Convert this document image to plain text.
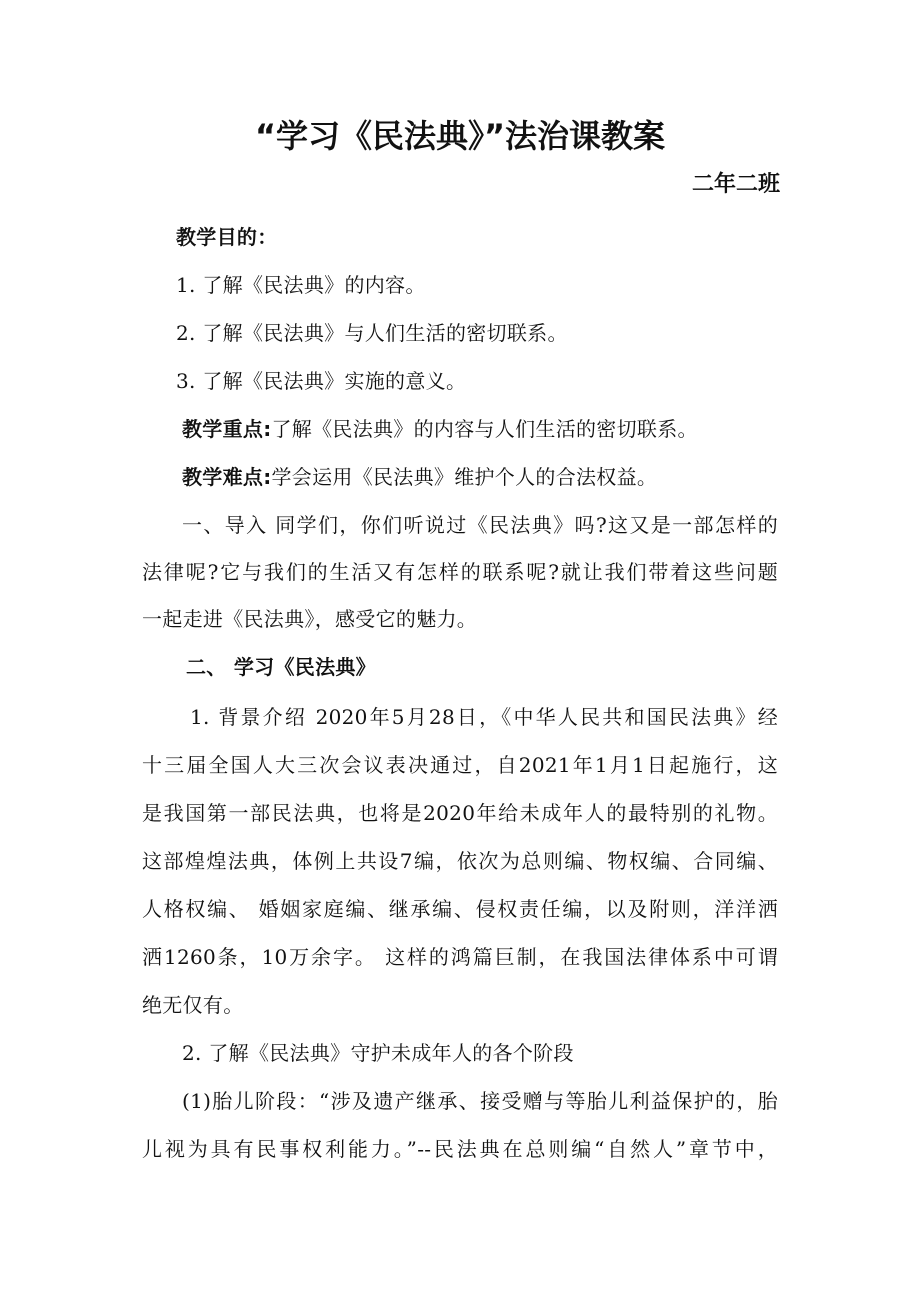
“学习《民法典》”法治课教案
二年二班
教学目的：
1. 了解《民法典》的内容。
2. 了解《民法典》与人们生活的密切联系。
3. 了解《民法典》实施的意义。
教学重点:了解《民法典》的内容与人们生活的密切联系。
教学难点:学会运用《民法典》维护个人的合法权益。
一、导入 同学们，你们听说过《民法典》吗?这又是一部怎样的
法律呢?它与我们的生活又有怎样的联系呢?就让我们带着这些问题
一起走进《民法典》，感受它的魅力。
二、 学习《民法典》
1. 背景介绍 2020年5月28日，《中华人民共和国民法典》经
十三届全国人大三次会议表决通过，自2021年1月1日起施行，这
是我国第一部民法典，也将是2020年给未成年人的最特别的礼物。
这部煌煌法典，体例上共设7编，依次为总则编、物权编、合同编、
人格权编、 婚姻家庭编、继承编、侵权责任编，以及附则，洋洋洒
洒1260条，10万余字。 这样的鸿篇巨制，在我国法律体系中可谓
绝无仅有。
2. 了解《民法典》守护未成年人的各个阶段
(1)胎儿阶段：“涉及遗产继承、接受赠与等胎儿利益保护的，胎
儿视为具有民事权利能力。”--民法典在总则编“自然人”章节中，
